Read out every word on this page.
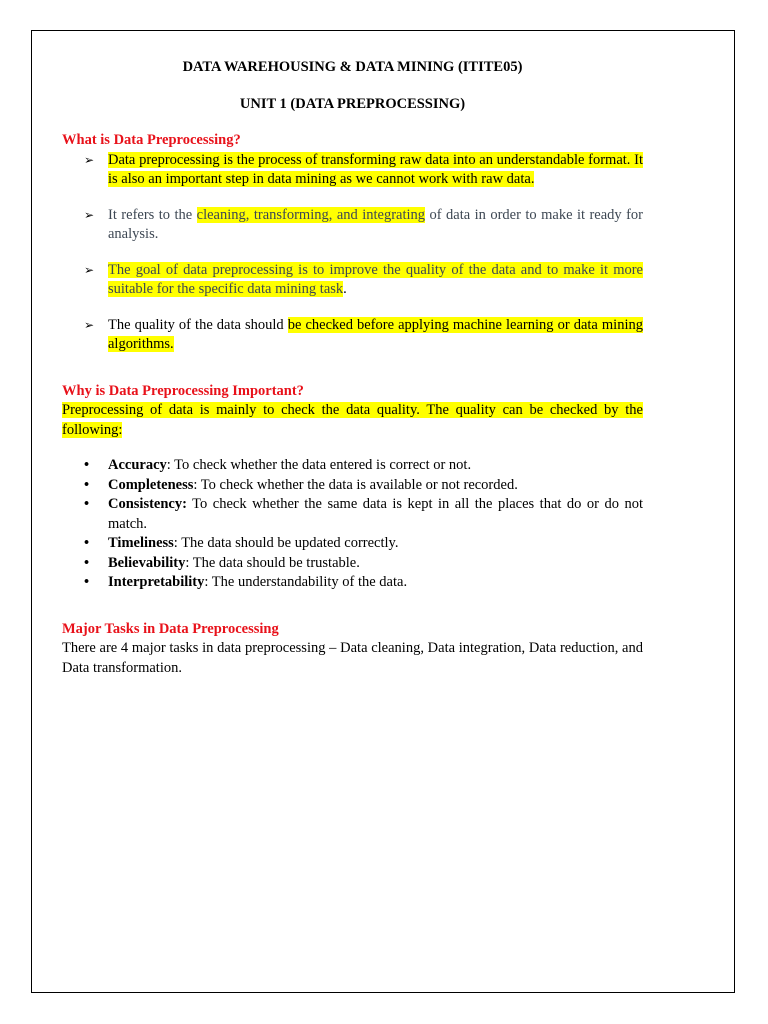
DATA WAREHOUSING & DATA MINING (ITITE05)

UNIT 1 (DATA PREPROCESSING)

What is Data Preprocessing?

➢ Data preprocessing is the process of transforming raw data into an understandable format. It is also an important step in data mining as we cannot work with raw data.

➢ It refers to the cleaning, transforming, and integrating of data in order to make it ready for analysis.

➢ The goal of data preprocessing is to improve the quality of the data and to make it more suitable for the specific data mining task.

➢ The quality of the data should be checked before applying machine learning or data mining algorithms.

Why is Data Preprocessing Important?

Preprocessing of data is mainly to check the data quality. The quality can be checked by the following:

• Accuracy: To check whether the data entered is correct or not.
• Completeness: To check whether the data is available or not recorded.
• Consistency: To check whether the same data is kept in all the places that do or do not match.
• Timeliness: The data should be updated correctly.
• Believability: The data should be trustable.
• Interpretability: The understandability of the data.

Major Tasks in Data Preprocessing

There are 4 major tasks in data preprocessing – Data cleaning, Data integration, Data reduction, and Data transformation.
